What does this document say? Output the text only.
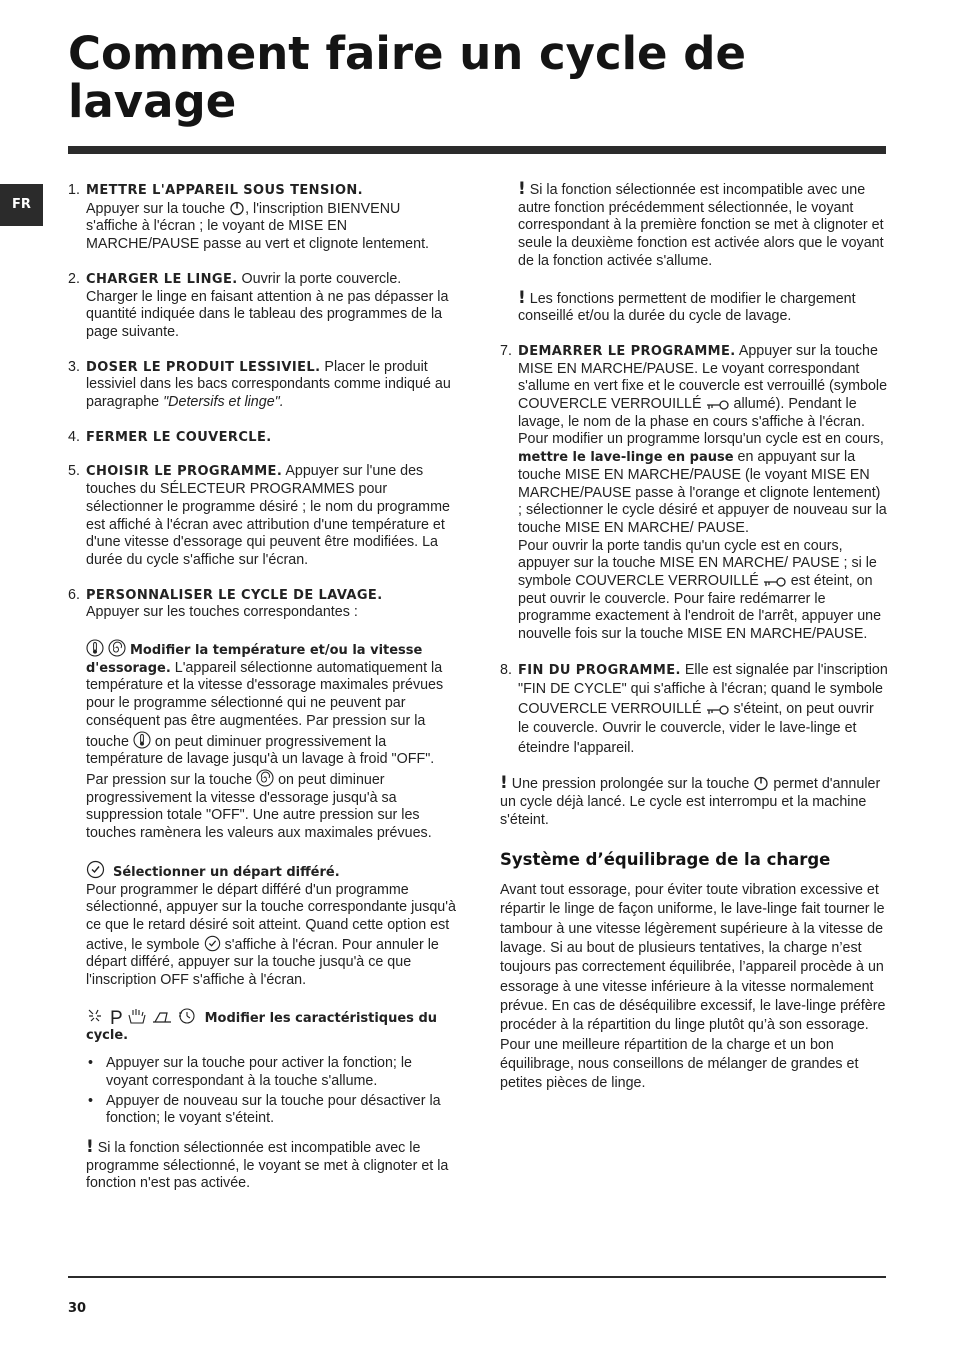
Comment faire un cycle de lavage
FR
1. METTRE L'APPAREIL SOUS TENSION.
Appuyer sur la touche , l'inscription BIENVENU s'affiche à l'écran ; le voyant de MISE EN MARCHE/PAUSE passe au vert et clignote lentement.
2. CHARGER LE LINGE. Ouvrir la porte couvercle. Charger le linge en faisant attention à ne pas dépasser la quantité indiquée dans le tableau des programmes de la page suivante.
3. DOSER LE PRODUIT LESSIVIEL. Placer le produit lessiviel dans les bacs correspondants comme indiqué au paragraphe "Detersifs et linge".
4. FERMER LE COUVERCLE.
5. CHOISIR LE PROGRAMME. Appuyer sur l'une des touches du SÉLECTEUR PROGRAMMES pour sélectionner le programme désiré ; le nom du programme est affiché à l'écran avec attribution d'une température et d'une vitesse d'essorage qui peuvent être modifiées. La durée du cycle s'affiche sur l'écran.
6. PERSONNALISER LE CYCLE DE LAVAGE.
Appuyer sur les touches correspondantes :
Modifier la température et/ou la vitesse d'essorage. L'appareil sélectionne automatiquement la température et la vitesse d'essorage maximales prévues pour le programme sélectionné qui ne peuvent par conséquent pas être augmentées. Par pression sur la touche on peut diminuer progressivement la température de lavage jusqu'à un lavage à froid "OFF". Par pression sur la touche on peut diminuer progressivement la vitesse d'essorage jusqu'à sa suppression totale "OFF". Une autre pression sur les touches ramènera les valeurs aux maximales prévues.
Sélectionner un départ différé.
Pour programmer le départ différé d'un programme sélectionné, appuyer sur la touche correspondante jusqu'à ce que le retard désiré soit atteint. Quand cette option est active, le symbole s'affiche à l'écran. Pour annuler le départ différé, appuyer sur la touche jusqu'à ce que l'inscription OFF s'affiche à l'écran.
P	Modifier les caractéristiques du cycle.
• Appuyer sur la touche pour activer la fonction; le voyant correspondant à la touche s'allume.
• Appuyer de nouveau sur la touche pour désactiver la fonction; le voyant s'éteint.
! Si la fonction sélectionnée est incompatible avec le programme sélectionné, le voyant se met à clignoter et la fonction n'est pas activée.
! Si la fonction sélectionnée est incompatible avec une autre fonction précédemment sélectionnée, le voyant correspondant à la première fonction se met à clignoter et seule la deuxième fonction est activée alors que le voyant de la fonction activée s'allume.
! Les fonctions permettent de modifier le chargement conseillé et/ou la durée du cycle de lavage.
7. DEMARRER LE PROGRAMME. Appuyer sur la touche MISE EN MARCHE/PAUSE. Le voyant correspondant s'allume en vert fixe et le couvercle est verrouillé (symbole COUVERCLE VERROUILLÉ allumé). Pendant le lavage, le nom de la phase en cours s'affiche à l'écran. Pour modifier un programme lorsqu'un cycle est en cours, mettre le lave-linge en pause en appuyant sur la touche MISE EN MARCHE/PAUSE (le voyant MISE EN MARCHE/PAUSE passe à l'orange et clignote lentement) ; sélectionner le cycle désiré et appuyer de nouveau sur la touche MISE EN MARCHE/ PAUSE.
Pour ouvrir la porte tandis qu'un cycle est en cours, appuyer sur la touche MISE EN MARCHE/ PAUSE ; si le symbole COUVERCLE VERROUILLÉ est éteint, on peut ouvrir le couvercle. Pour faire redémarrer le programme exactement à l'endroit de l'arrêt, appuyer une nouvelle fois sur la touche MISE EN MARCHE/PAUSE.
8. FIN DU PROGRAMME. Elle est signalée par l'inscription "FIN DE CYCLE" qui s'affiche à l'écran; quand le symbole COUVERCLE VERROUILLÉ s'éteint, on peut ouvrir le couvercle. Ouvrir le couvercle, vider le lave-linge et éteindre l'appareil.
! Une pression prolongée sur la touche permet d'annuler un cycle déjà lancé. Le cycle est interrompu et la machine s'éteint.
Système d’équilibrage de la charge
Avant tout essorage, pour éviter toute vibration excessive et répartir le linge de façon uniforme, le lave-linge fait tourner le tambour à une vitesse légèrement supérieure à la vitesse de lavage. Si au bout de plusieurs tentatives, la charge n’est toujours pas correctement équilibrée, l’appareil procède à un essorage à une vitesse inférieure à la vitesse normalement prévue. En cas de déséquilibre excessif, le lave-linge préfère procéder à la répartition du linge plutôt qu’à son essorage. Pour une meilleure répartition de la charge et un bon équilibrage, nous conseillons de mélanger de grandes et petites pièces de linge.
30
